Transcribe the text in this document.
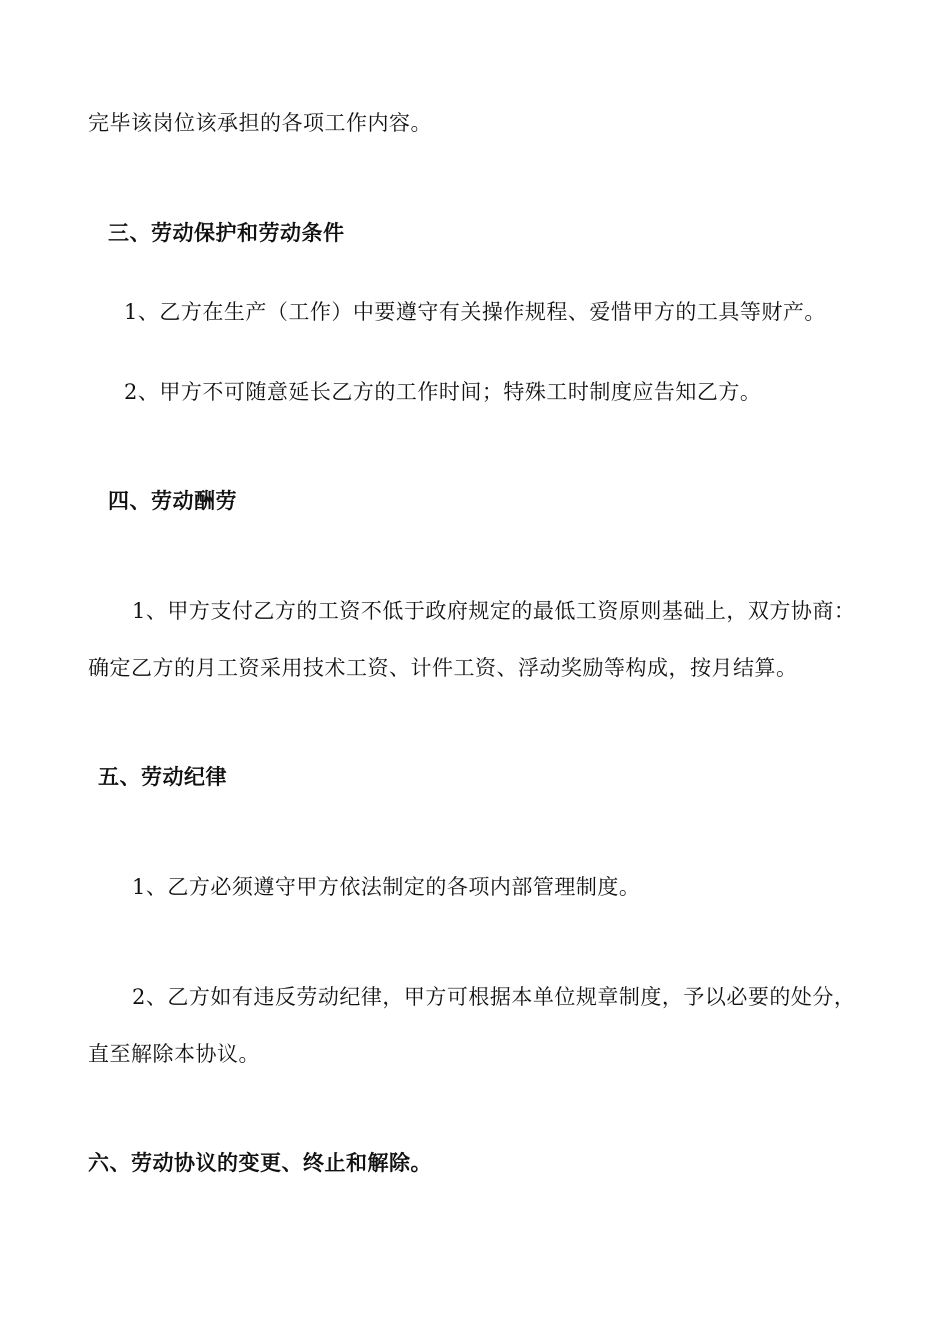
完毕该岗位该承担的各项工作内容。
三、劳动保护和劳动条件
1、乙方在生产（工作）中要遵守有关操作规程、爱惜甲方的工具等财产。
2、甲方不可随意延长乙方的工作时间；特殊工时制度应告知乙方。
四、劳动酬劳
1、甲方支付乙方的工资不低于政府规定的最低工资原则基础上，双方协商：
确定乙方的月工资采用技术工资、计件工资、浮动奖励等构成，按月结算。
五、劳动纪律
1、乙方必须遵守甲方依法制定的各项内部管理制度。
2、乙方如有违反劳动纪律，甲方可根据本单位规章制度，予以必要的处分，
直至解除本协议。
六、劳动协议的变更、终止和解除。
